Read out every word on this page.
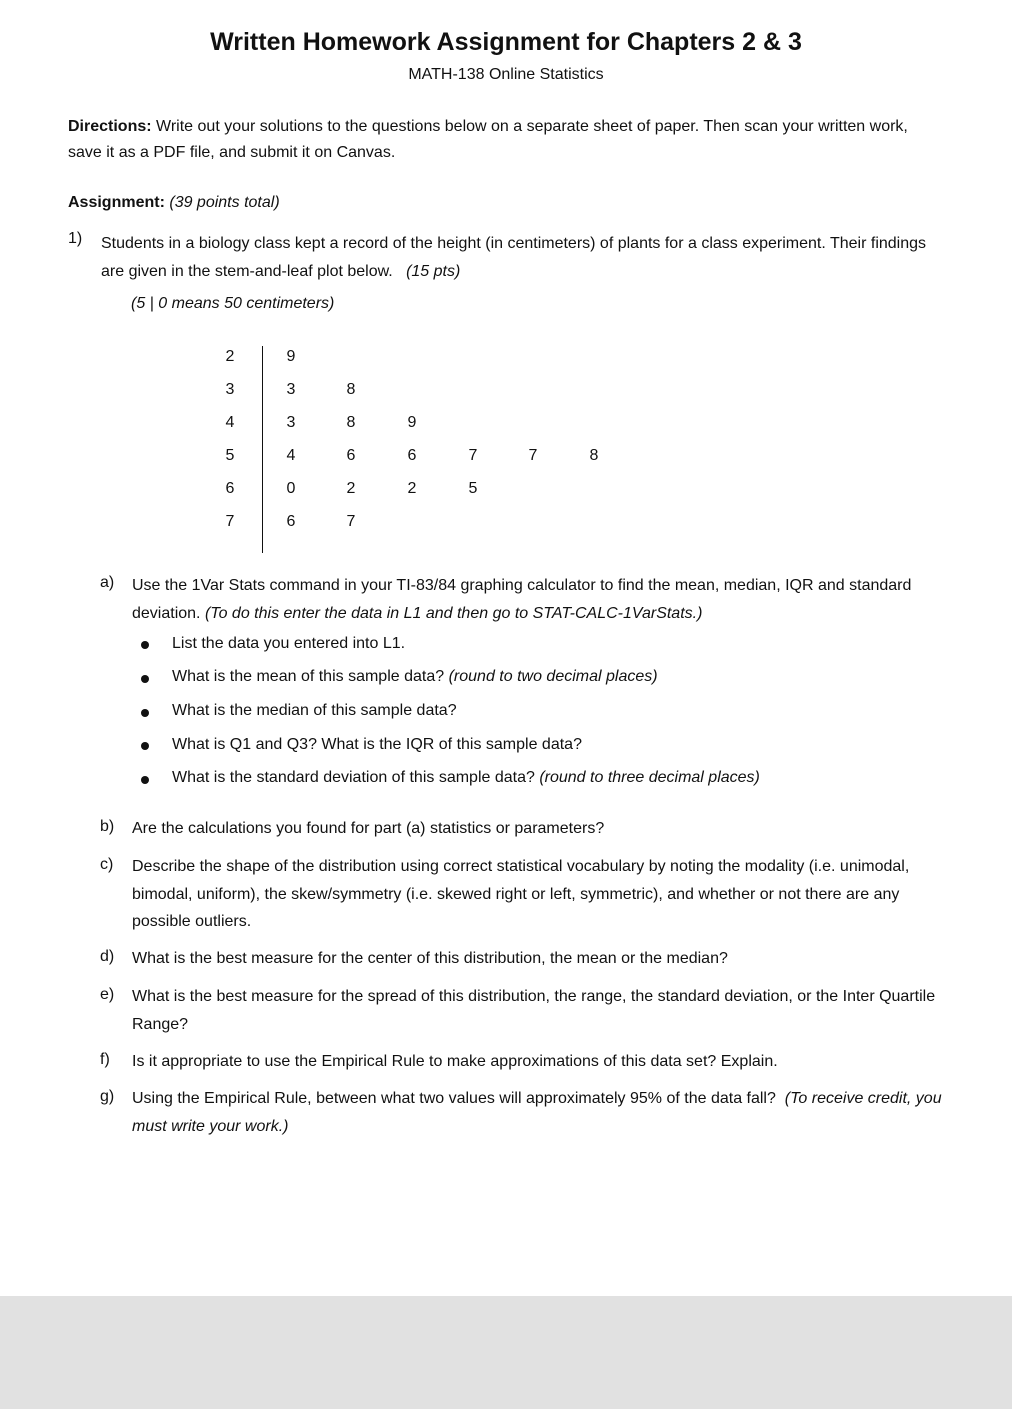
Written Homework Assignment for Chapters 2 & 3
MATH-138 Online Statistics
Directions: Write out your solutions to the questions below on a separate sheet of paper. Then scan your written work, save it as a PDF file, and submit it on Canvas.
Assignment: (39 points total)
1) Students in a biology class kept a record of the height (in centimeters) of plants for a class experiment. Their findings are given in the stem-and-leaf plot below. (15 pts)
(5 | 0 means 50 centimeters)
2	9
3	3	8
4	3	8	9
5	4	6	6	7	7	8
6	0	2	2	5
7	6	7
a) Use the 1Var Stats command in your TI-83/84 graphing calculator to find the mean, median, IQR and standard deviation. (To do this enter the data in L1 and then go to STAT-CALC-1VarStats.)
List the data you entered into L1.
What is the mean of this sample data? (round to two decimal places)
What is the median of this sample data?
What is Q1 and Q3? What is the IQR of this sample data?
What is the standard deviation of this sample data? (round to three decimal places)
b) Are the calculations you found for part (a) statistics or parameters?
c) Describe the shape of the distribution using correct statistical vocabulary by noting the modality (i.e. unimodal, bimodal, uniform), the skew/symmetry (i.e. skewed right or left, symmetric), and whether or not there are any possible outliers.
d) What is the best measure for the center of this distribution, the mean or the median?
e) What is the best measure for the spread of this distribution, the range, the standard deviation, or the Inter Quartile Range?
f) Is it appropriate to use the Empirical Rule to make approximations of this data set? Explain.
g) Using the Empirical Rule, between what two values will approximately 95% of the data fall? (To receive credit, you must write your work.)
